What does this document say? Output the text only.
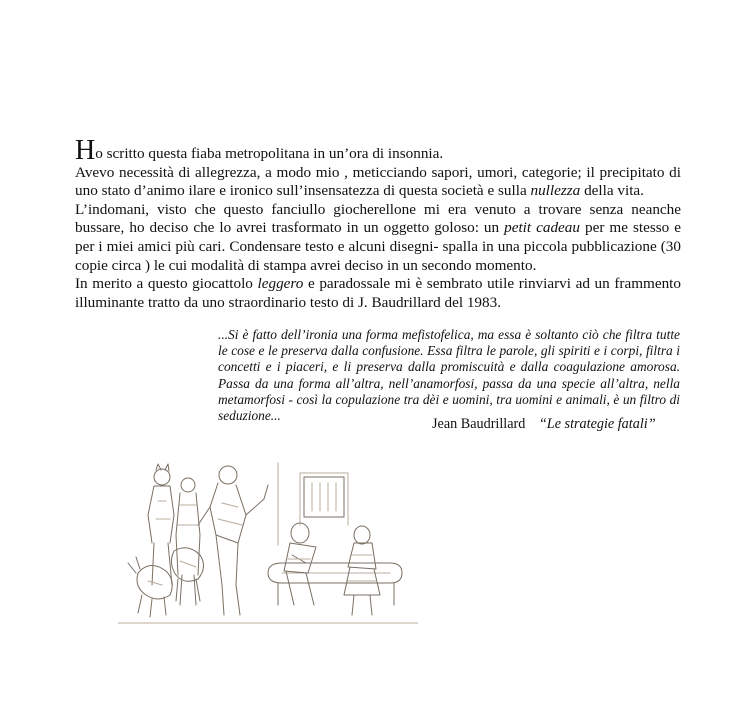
Ho scritto questa fiaba metropolitana in un’ora di insonnia.

Avevo necessità di allegrezza, a modo mio , meticciando sapori, umori, categorie; il precipitato di uno stato d’animo ilare e ironico sull’insensatezza di questa società e sulla nullezza della vita.

L’indomani, visto che questo fanciullo giocherellone mi era venuto a trovare senza neanche bussare, ho deciso che lo avrei trasformato in un oggetto goloso: un petit cadeau per me stesso e per i miei amici più cari. Condensare testo e alcuni disegni- spalla in una piccola pubblicazione (30 copie circa ) le cui modalità di stampa avrei deciso in un secondo momento.

In merito a questo giocattolo leggero e paradossale mi è sembrato utile rinviarvi ad un frammento illuminante tratto da uno straordinario testo di J. Baudrillard del 1983.

...Si è fatto dell’ironia una forma mefistofelica, ma essa è soltanto ciò che filtra tutte le cose e le preserva dalla confusione. Essa filtra le parole, gli spiriti e i corpi, filtra i concetti e i piaceri, e li preserva dalla promiscuità e dalla coagulazione amorosa. Passa da una forma all’altra, nell’anamorfosi, passa da una specie all’altra, nella metamorfosi - così la copulazione tra dèi e uomini, tra uomini e animali, è un filtro di seduzione...

Jean Baudrillard “Le strategie fatali”
